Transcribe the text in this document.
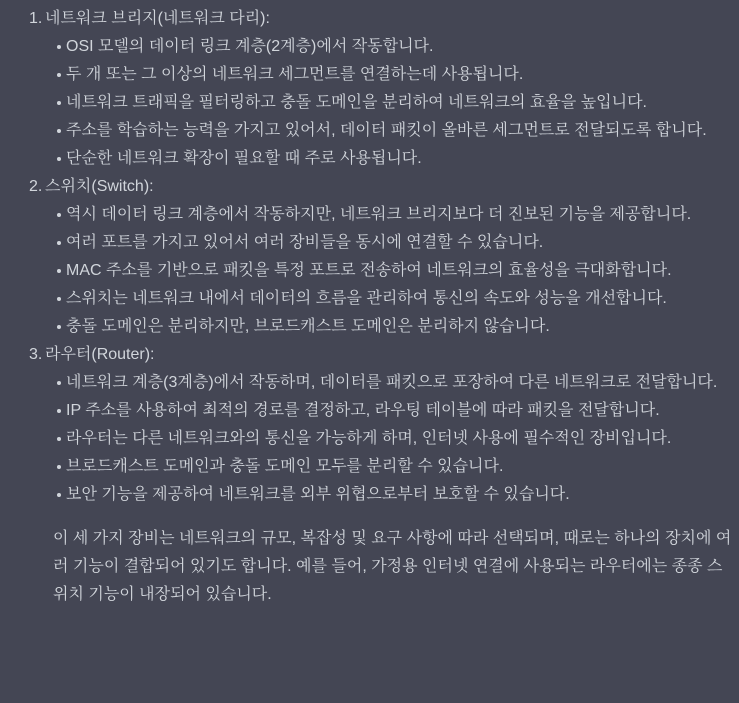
1. 네트워크 브리지(네트워크 다리):
OSI 모델의 데이터 링크 계층(2계층)에서 작동합니다.
두 개 또는 그 이상의 네트워크 세그먼트를 연결하는데 사용됩니다.
네트워크 트래픽을 필터링하고 충돌 도메인을 분리하여 네트워크의 효율을 높입니다.
주소를 학습하는 능력을 가지고 있어서, 데이터 패킷이 올바른 세그먼트로 전달되도록 합니다.
단순한 네트워크 확장이 필요할 때 주로 사용됩니다.
2. 스위치(Switch):
역시 데이터 링크 계층에서 작동하지만, 네트워크 브리지보다 더 진보된 기능을 제공합니다.
여러 포트를 가지고 있어서 여러 장비들을 동시에 연결할 수 있습니다.
MAC 주소를 기반으로 패킷을 특정 포트로 전송하여 네트워크의 효율성을 극대화합니다.
스위치는 네트워크 내에서 데이터의 흐름을 관리하여 통신의 속도와 성능을 개선합니다.
충돌 도메인은 분리하지만, 브로드캐스트 도메인은 분리하지 않습니다.
3. 라우터(Router):
네트워크 계층(3계층)에서 작동하며, 데이터를 패킷으로 포장하여 다른 네트워크로 전달합니다.
IP 주소를 사용하여 최적의 경로를 결정하고, 라우팅 테이블에 따라 패킷을 전달합니다.
라우터는 다른 네트워크와의 통신을 가능하게 하며, 인터넷 사용에 필수적인 장비입니다.
브로드캐스트 도메인과 충돌 도메인 모두를 분리할 수 있습니다.
보안 기능을 제공하여 네트워크를 외부 위협으로부터 보호할 수 있습니다.

이 세 가지 장비는 네트워크의 규모, 복잡성 및 요구 사항에 따라 선택되며, 때로는 하나의 장치에 여러 기능이 결합되어 있기도 합니다. 예를 들어, 가정용 인터넷 연결에 사용되는 라우터에는 종종 스위치 기능이 내장되어 있습니다.
